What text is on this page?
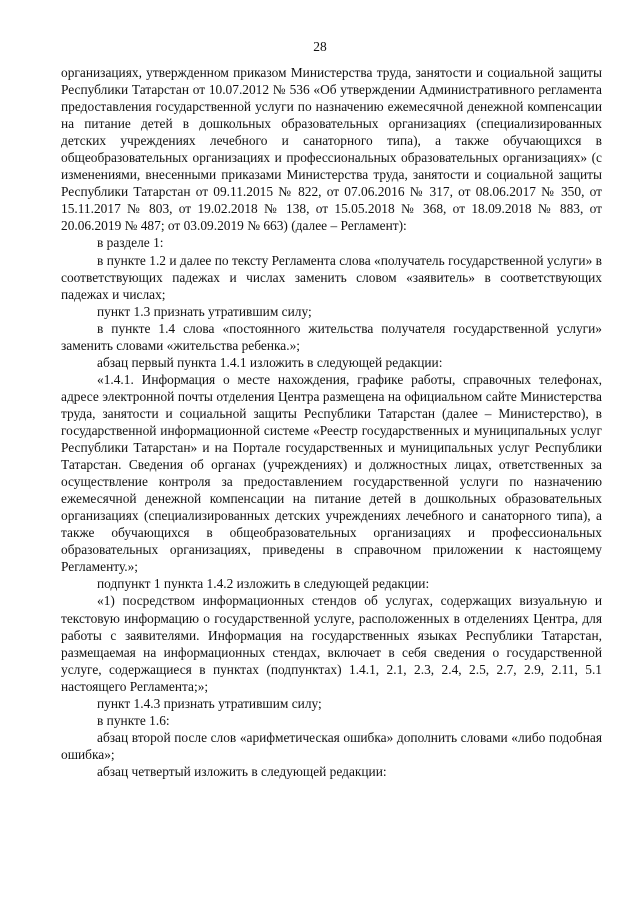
28

организациях, утвержденном приказом Министерства труда, занятости и социальной защиты Республики Татарстан от 10.07.2012 № 536 «Об утверждении Административного регламента предоставления государственной услуги по назначению ежемесячной денежной компенсации на питание детей в дошкольных образовательных организациях (специализированных детских учреждениях лечебного и санаторного типа), а также обучающихся в общеобразовательных организациях и профессиональных образовательных организациях» (с изменениями, внесенными приказами Министерства труда, занятости и социальной защиты Республики Татарстан от 09.11.2015 № 822, от 07.06.2016 № 317, от 08.06.2017 № 350, от 15.11.2017 № 803, от 19.02.2018 № 138, от 15.05.2018 № 368, от 18.09.2018 № 883, от 20.06.2019 № 487; от 03.09.2019 № 663) (далее – Регламент):

в разделе 1:

в пункте 1.2 и далее по тексту Регламента слова «получатель государственной услуги» в соответствующих падежах и числах заменить словом «заявитель» в соответствующих падежах и числах;

пункт 1.3 признать утратившим силу;

в пункте 1.4 слова «постоянного жительства получателя государственной услуги» заменить словами «жительства ребенка.»;

абзац первый пункта 1.4.1 изложить в следующей редакции:

«1.4.1. Информация о месте нахождения, графике работы, справочных телефонах, адресе электронной почты отделения Центра размещена на официальном сайте Министерства труда, занятости и социальной защиты Республики Татарстан (далее – Министерство), в государственной информационной системе «Реестр государственных и муниципальных услуг Республики Татарстан» и на Портале государственных и муниципальных услуг Республики Татарстан. Сведения об органах (учреждениях) и должностных лицах, ответственных за осуществление контроля за предоставлением государственной услуги по назначению ежемесячной денежной компенсации на питание детей в дошкольных образовательных организациях (специализированных детских учреждениях лечебного и санаторного типа), а также обучающихся в общеобразовательных организациях и профессиональных образовательных организациях, приведены в справочном приложении к настоящему Регламенту.»;

подпункт 1 пункта 1.4.2 изложить в следующей редакции:

«1) посредством информационных стендов об услугах, содержащих визуальную и текстовую информацию о государственной услуге, расположенных в отделениях Центра, для работы с заявителями. Информация на государственных языках Республики Татарстан, размещаемая на информационных стендах, включает в себя сведения о государственной услуге, содержащиеся в пунктах (подпунктах) 1.4.1, 2.1, 2.3, 2.4, 2.5, 2.7, 2.9, 2.11, 5.1 настоящего Регламента;»;

пункт 1.4.3 признать утратившим силу;

в пункте 1.6:

абзац второй после слов «арифметическая ошибка» дополнить словами «либо подобная ошибка»;

абзац четвертый изложить в следующей редакции:
